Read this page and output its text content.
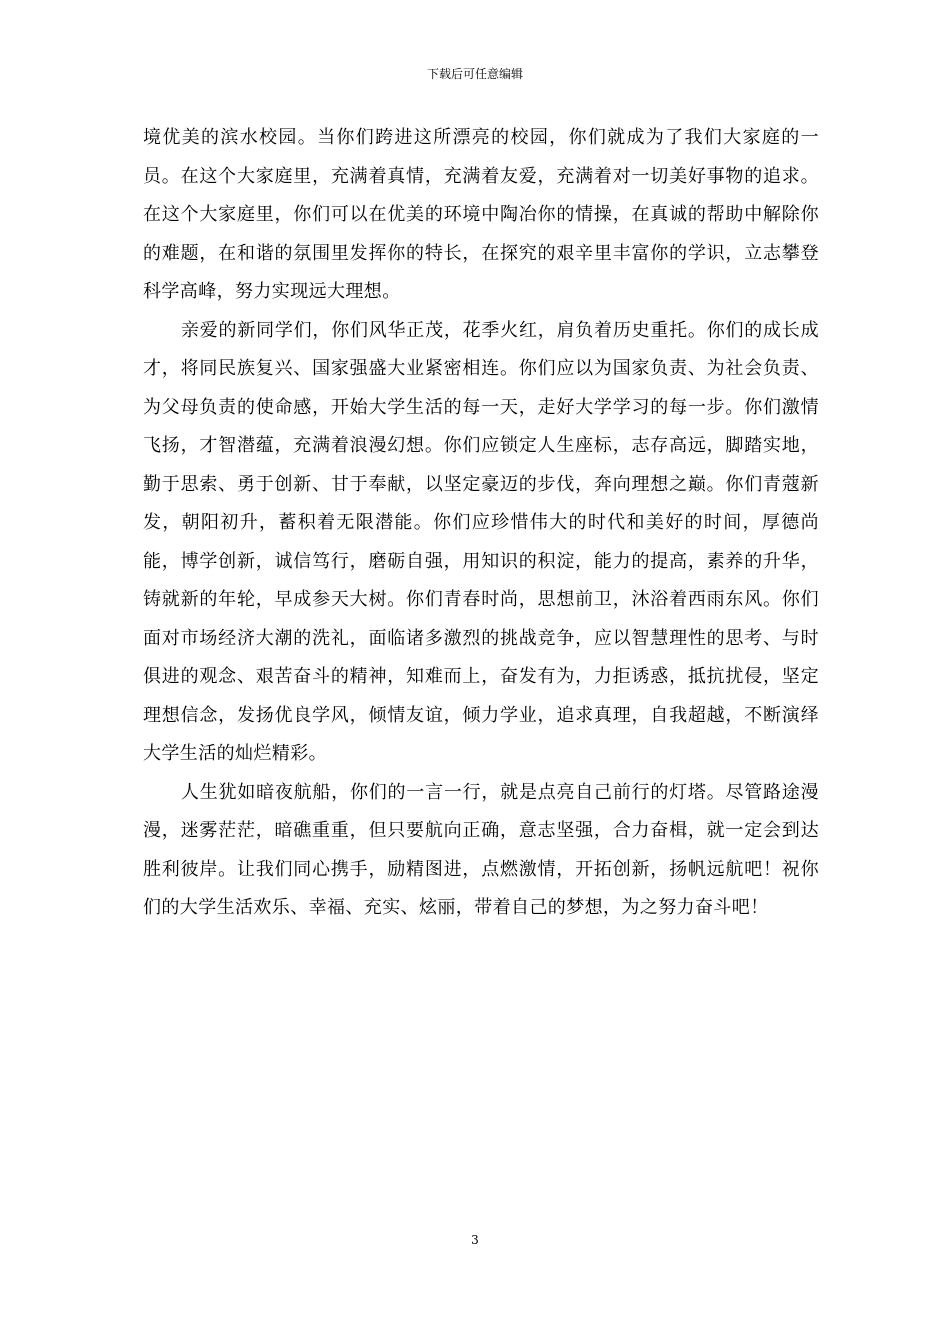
下载后可任意编辑

境优美的滨水校园。当你们跨进这所漂亮的校园，你们就成为了我们大家庭的一员。在这个大家庭里，充满着真情，充满着友爱，充满着对一切美好事物的追求。在这个大家庭里，你们可以在优美的环境中陶冶你的情操，在真诚的帮助中解除你的难题，在和谐的氛围里发挥你的特长，在探究的艰辛里丰富你的学识，立志攀登科学高峰，努力实现远大理想。

亲爱的新同学们，你们风华正茂，花季火红，肩负着历史重托。你们的成长成才，将同民族复兴、国家强盛大业紧密相连。你们应以为国家负责、为社会负责、为父母负责的使命感，开始大学生活的每一天，走好大学学习的每一步。你们激情飞扬，才智潜蕴，充满着浪漫幻想。你们应锁定人生座标，志存高远，脚踏实地，勤于思索、勇于创新、甘于奉献，以坚定豪迈的步伐，奔向理想之巅。你们青蔻新发，朝阳初升，蓄积着无限潜能。你们应珍惜伟大的时代和美好的时间，厚德尚能，博学创新，诚信笃行，磨砺自强，用知识的积淀，能力的提高，素养的升华，铸就新的年轮，早成参天大树。你们青春时尚，思想前卫，沐浴着西雨东风。你们面对市场经济大潮的洗礼，面临诸多激烈的挑战竞争，应以智慧理性的思考、与时俱进的观念、艰苦奋斗的精神，知难而上，奋发有为，力拒诱惑，抵抗扰侵，坚定理想信念，发扬优良学风，倾情友谊，倾力学业，追求真理，自我超越，不断演绎大学生活的灿烂精彩。

人生犹如暗夜航船，你们的一言一行，就是点亮自己前行的灯塔。尽管路途漫漫，迷雾茫茫，暗礁重重，但只要航向正确，意志坚强，合力奋楫，就一定会到达胜利彼岸。让我们同心携手，励精图进，点燃激情，开拓创新，扬帆远航吧！祝你们的大学生活欢乐、幸福、充实、炫丽，带着自己的梦想，为之努力奋斗吧！

3
